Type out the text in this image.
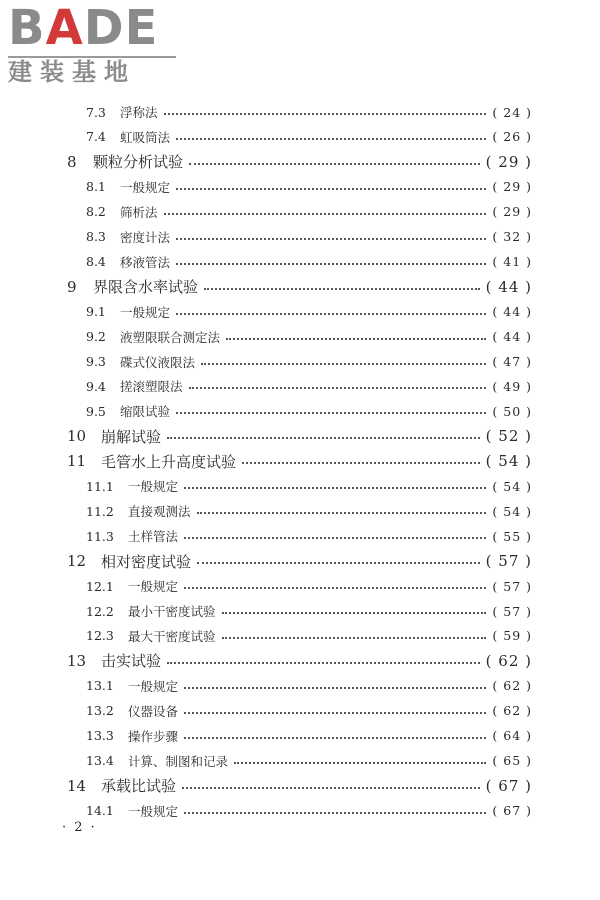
BADE
建装基地
7.3	浮称法	( 24 )
7.4	虹吸筒法	( 26 )
8	颗粒分析试验	( 29 )
8.1	一般规定	( 29 )
8.2	筛析法	( 29 )
8.3	密度计法	( 32 )
8.4	移液管法	( 41 )
9	界限含水率试验	( 44 )
9.1	一般规定	( 44 )
9.2	液塑限联合测定法	( 44 )
9.3	碟式仪液限法	( 47 )
9.4	搓滚塑限法	( 49 )
9.5	缩限试验	( 50 )
10 崩解试验	( 52 )
11 毛管水上升高度试验	( 54 )
11.1	一般规定	( 54 )
11.2	直接观测法	( 54 )
11.3	土样管法	( 55 )
12 相对密度试验	( 57 )
12.1	一般规定	( 57 )
12.2	最小干密度试验	( 57 )
12.3	最大干密度试验	( 59 )
13 击实试验	( 62 )
13.1	一般规定	( 62 )
13.2	仪器设备	( 62 )
13.3	操作步骤	( 64 )
13.4	计算、制图和记录	( 65 )
14 承载比试验	( 67 )
14.1	一般规定	( 67 )
· 2 ·
